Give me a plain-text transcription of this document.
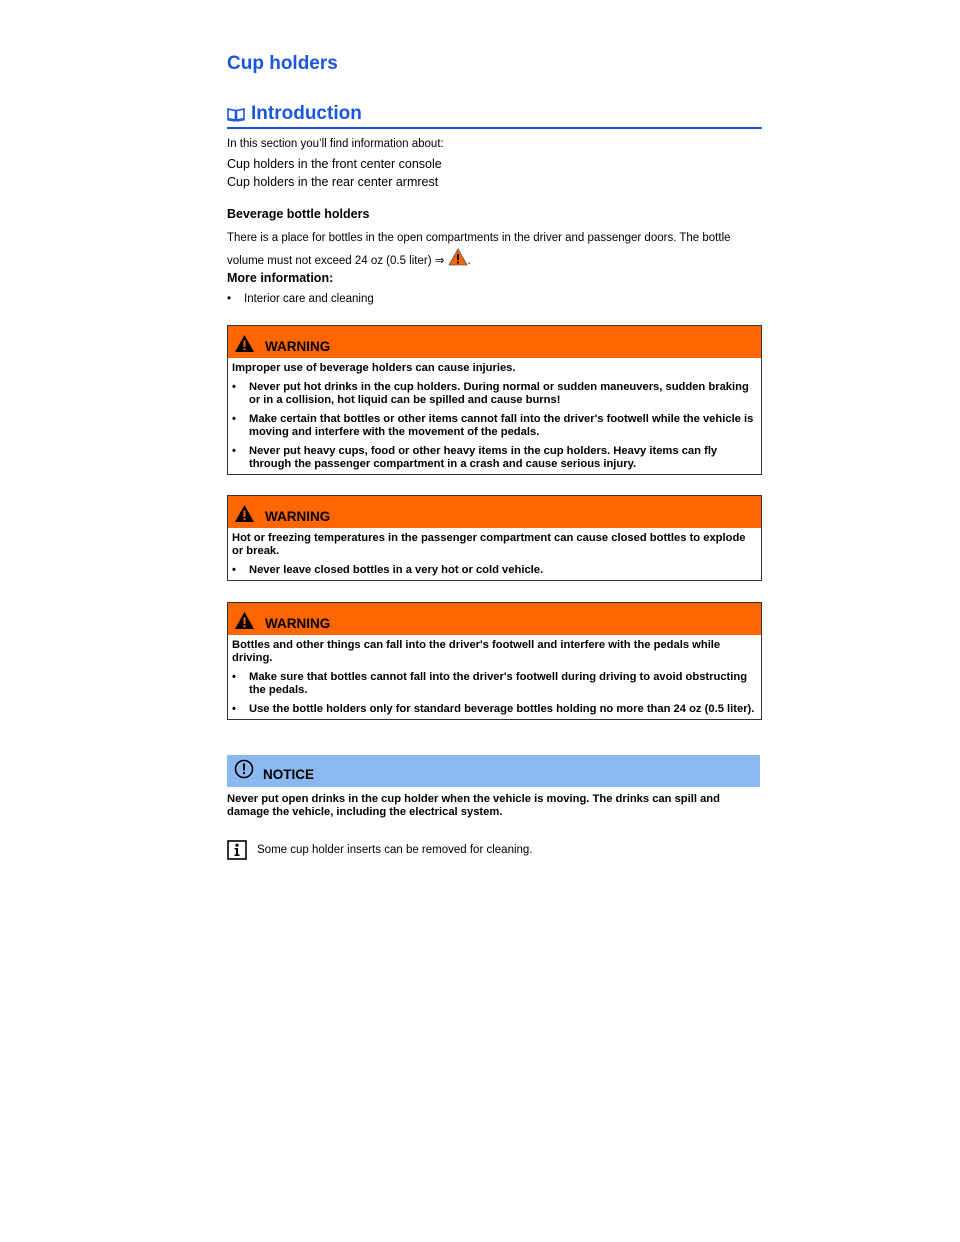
Cup holders
Introduction
In this section you’ll find information about:
Cup holders in the front center console
Cup holders in the rear center armrest
Beverage bottle holders
There is a place for bottles in the open compartments in the driver and passenger doors. The bottle volume must not exceed 24 oz (0.5 liter) ⇒ .
More information:
•	Interior care and cleaning
WARNING

Improper use of beverage holders can cause injuries.

•	Never put hot drinks in the cup holders. During normal or sudden maneuvers, sudden braking or in a collision, hot liquid can be spilled and cause burns!
•	Make certain that bottles or other items cannot fall into the driver's footwell while the vehicle is moving and interfere with the movement of the pedals.
•	Never put heavy cups, food or other heavy items in the cup holders. Heavy items can fly through the passenger compartment in a crash and cause serious injury.
WARNING

Hot or freezing temperatures in the passenger compartment can cause closed bottles to explode or break.

•	Never leave closed bottles in a very hot or cold vehicle.
WARNING

Bottles and other things can fall into the driver's footwell and interfere with the pedals while driving.

•	Make sure that bottles cannot fall into the driver's footwell during driving to avoid obstructing the pedals.
•	Use the bottle holders only for standard beverage bottles holding no more than 24 oz (0.5 liter).
NOTICE
Never put open drinks in the cup holder when the vehicle is moving. The drinks can spill and damage the vehicle, including the electrical system.
Some cup holder inserts can be removed for cleaning.
